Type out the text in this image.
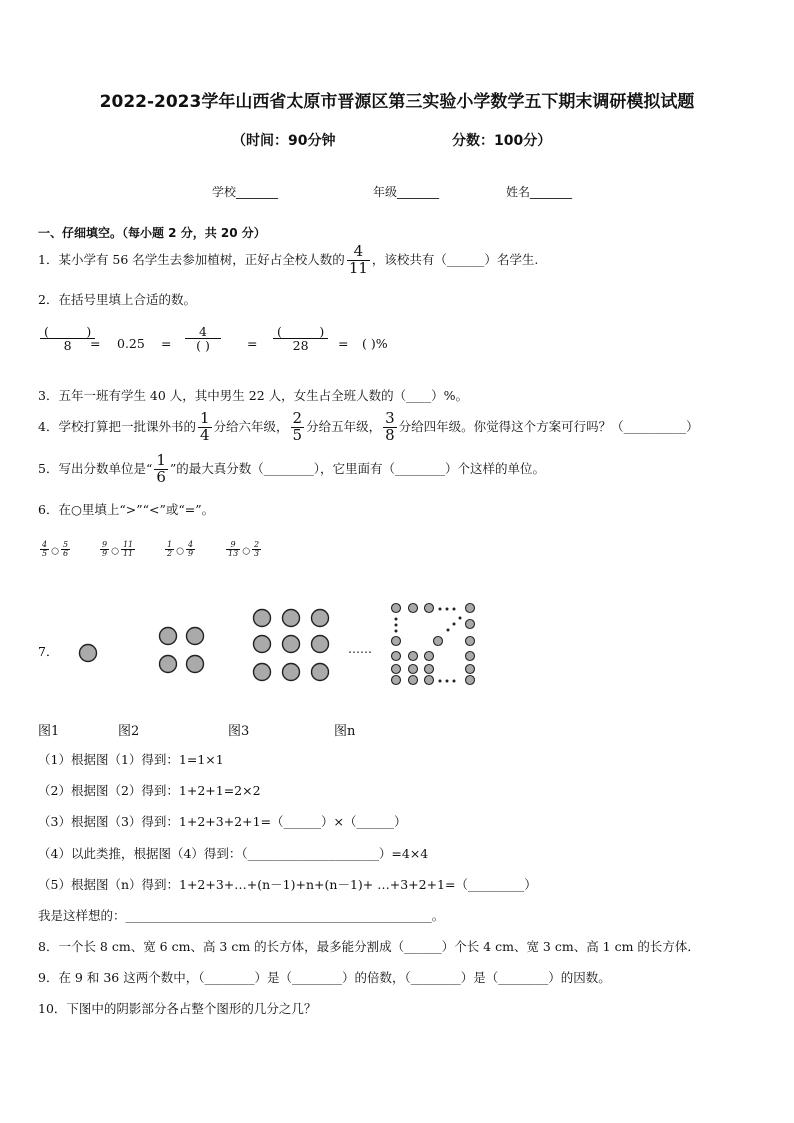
2022-2023学年山西省太原市晋源区第三实验小学数学五下期末调研模拟试题
（时间：90分钟	分数：100分）
学校_______	年级_______	姓名_______
一、仔细填空。（每小题 2 分，共 20 分）
1．某小学有 56 名学生去参加植树，正好占全校人数的 $\frac{4}{11}$ ，该校共有（______）名学生.
2．在括号里填上合适的数。
$\frac{(\_\_\_\_\_\_)}{8}$
= $0.25 = \frac{4}{( )} = \frac{(\_\_\_\_\_\_)}{28}$ = ( )%
3．五年一班有学生 40 人，其中男生 22 人，女生占全班人数的（____）%。
4．学校打算把一批课外书的 $\frac{1}{4}$ 分给六年级， $\frac{2}{5}$ 分给五年级， $\frac{3}{8}$ 分给四年级。你觉得这个方案可行吗？（__________）
5．写出分数单位是“ $\frac{1}{6}$ ”的最大真分数（________），它里面有（________）个这样的单位。
6．在○里填上“>”“<”或“=”。
$\frac{4}{5}$ ○ $\frac{5}{6}$	$\frac{9}{9}$ ○ $\frac{11}{11}$	$\frac{1}{2}$ ○ $\frac{4}{9}$	$\frac{9}{13}$ ○ $\frac{2}{3}$
7．	……
图1	图2	图3	图n
（1）根据图（1）得到：1=1×1
（2）根据图（2）得到：1+2+1=2×2
（3）根据图（3）得到：1+2+3+2+1=（______）×（______）
（4）以此类推，根据图（4）得到：（_____________________）=4×4
（5）根据图（n）得到：1+2+3+…+(n－1)+n+(n－1)+ …+3+2+1=（_________）
我是这样想的：_________________________________________________。
8．一个长 8 cm、宽 6 cm、高 3 cm 的长方体，最多能分割成（______）个长 4 cm、宽 3 cm、高 1 cm 的长方体．
9．在 9 和 36 这两个数中，（________）是（________）的倍数，（________）是（________）的因数。
10．下图中的阴影部分各占整个图形的几分之几？
